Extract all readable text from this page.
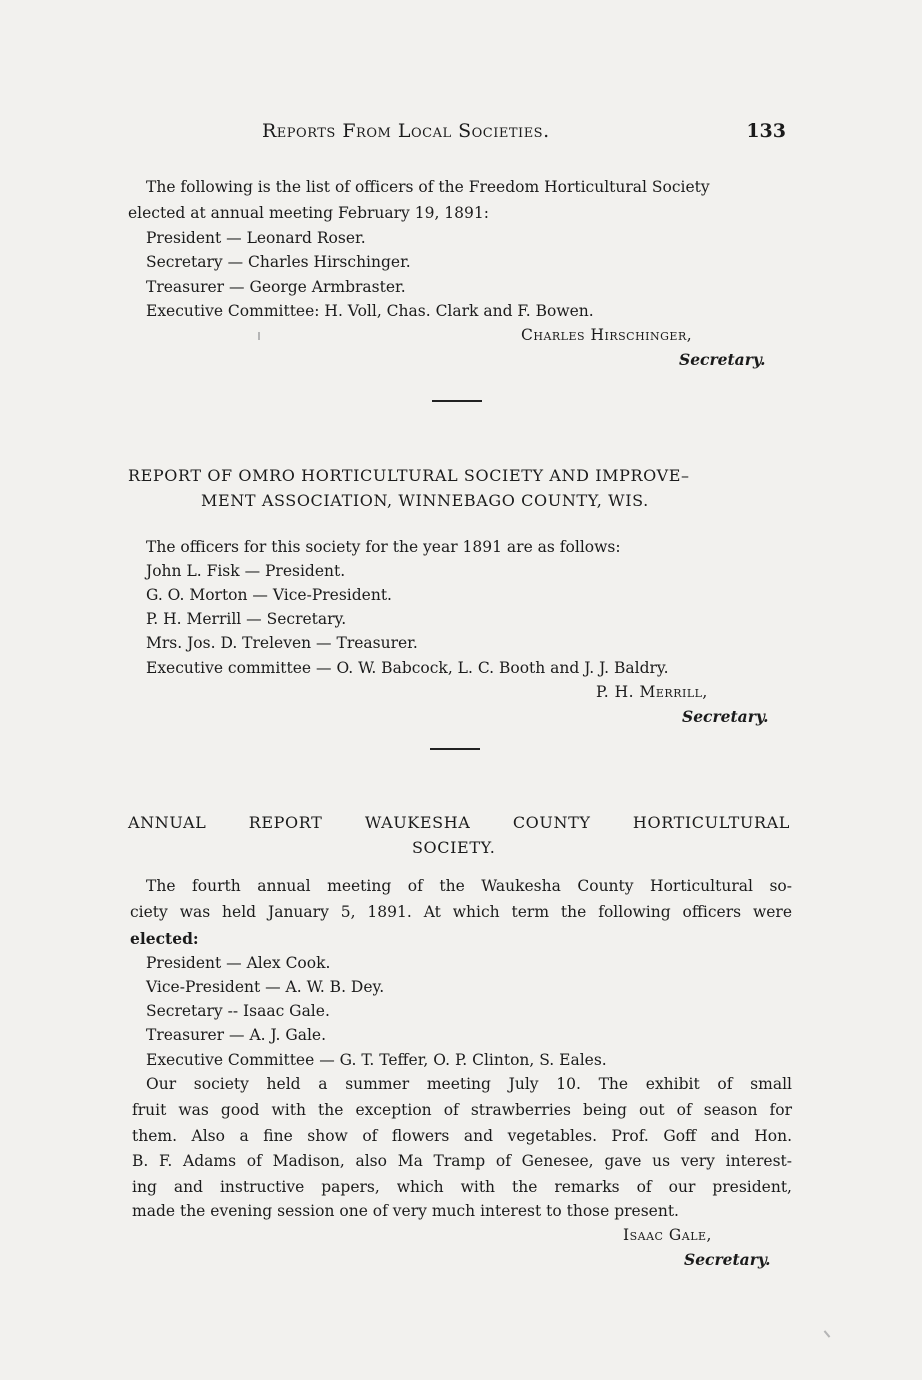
Reports From Local Societies.	133
The following is the list of officers of the Freedom Horticultural Society
elected at annual meeting February 19, 1891:
President — Leonard Roser.
Secretary — Charles Hirschinger.
Treasurer — George Armbraster.
Executive Committee: H. Voll, Chas. Clark and F. Bowen.
Charles Hirschinger,
Secretary.
REPORT OF OMRO HORTICULTURAL SOCIETY AND IMPROVE–
MENT ASSOCIATION, WINNEBAGO COUNTY, WIS.
The officers for this society for the year 1891 are as follows:
John L. Fisk — President.
G. O. Morton — Vice-President.
P. H. Merrill — Secretary.
Mrs. Jos. D. Treleven — Treasurer.
Executive committee — O. W. Babcock, L. C. Booth and J. J. Baldry.
P. H. Merrill,
Secretary.
ANNUAL REPORT WAUKESHA COUNTY HORTICULTURAL
SOCIETY.
The fourth annual meeting of the Waukesha County Horticultural so-
ciety was held January 5, 1891. At which term the following officers were
elected:
President — Alex Cook.
Vice-President — A. W. B. Dey.
Secretary -- Isaac Gale.
Treasurer — A. J. Gale.
Executive Committee — G. T. Teffer, O. P. Clinton, S. Eales.
Our society held a summer meeting July 10. The exhibit of small
fruit was good with the exception of strawberries being out of season for
them. Also a fine show of flowers and vegetables. Prof. Goff and Hon.
B. F. Adams of Madison, also Ma Tramp of Genesee, gave us very interest-
ing and instructive papers, which with the remarks of our president,
made the evening session one of very much interest to those present.
Isaac Gale,
Secretary.
